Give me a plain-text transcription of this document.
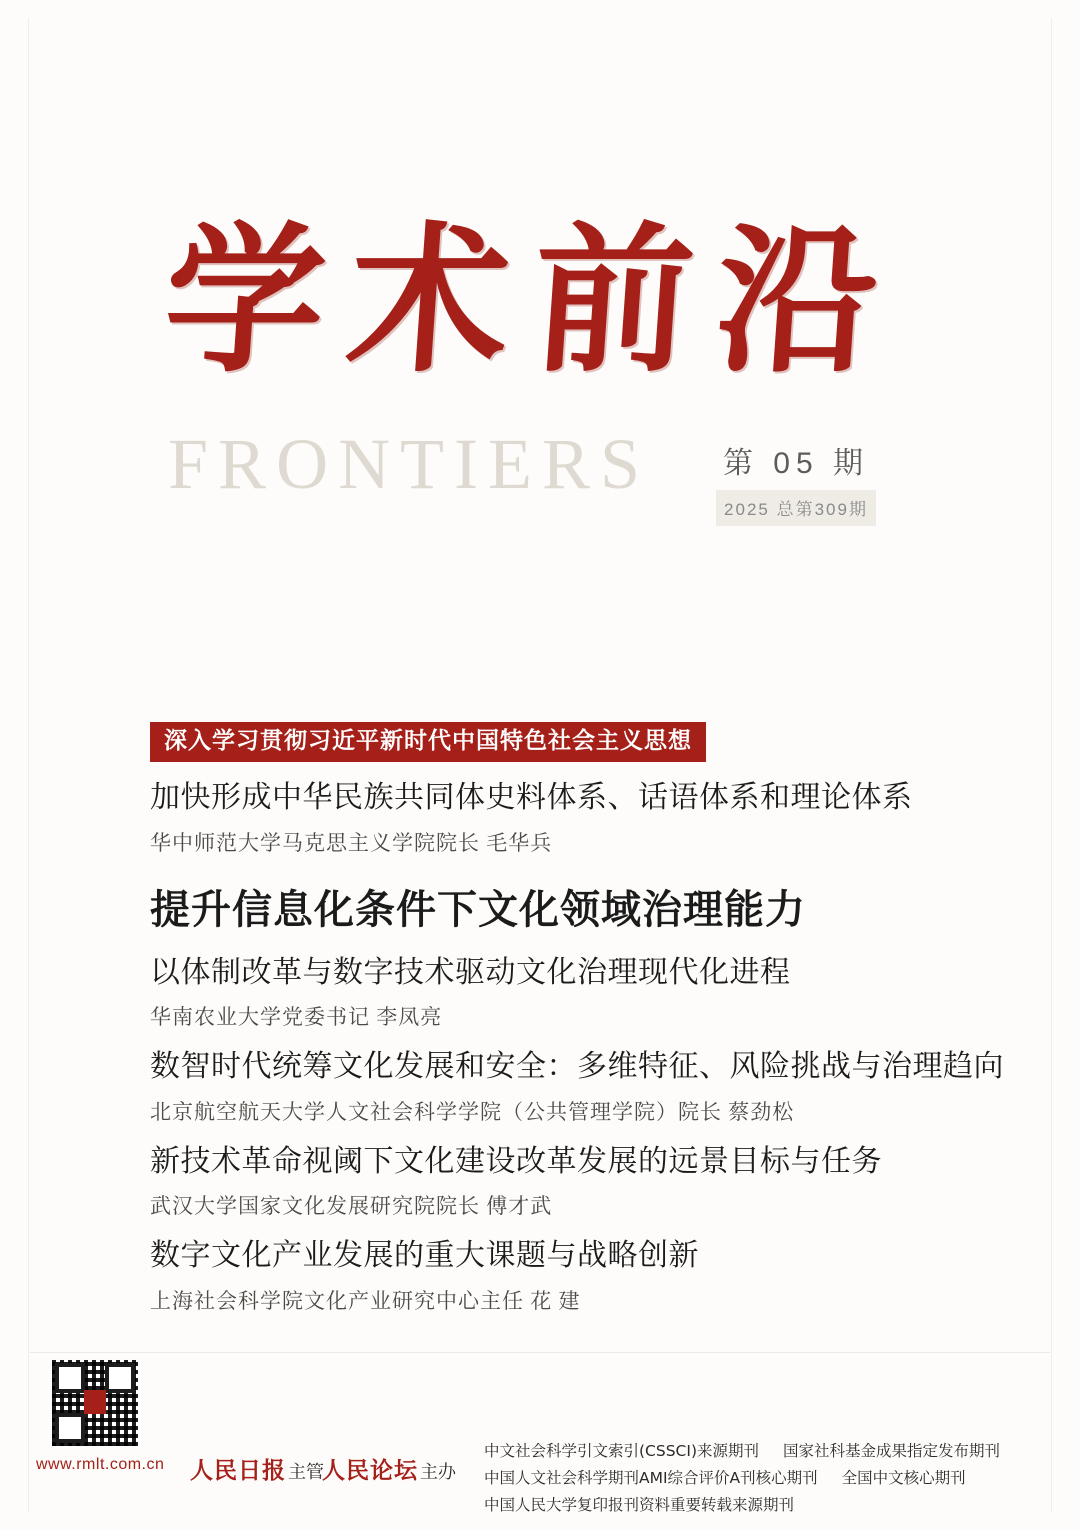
学术前沿
FRONTIERS 第 05 期
2025 总第309期
深入学习贯彻习近平新时代中国特色社会主义思想
加快形成中华民族共同体史料体系、话语体系和理论体系
华中师范大学马克思主义学院院长 毛华兵
提升信息化条件下文化领域治理能力
以体制改革与数字技术驱动文化治理现代化进程
华南农业大学党委书记 李凤亮
数智时代统筹文化发展和安全：多维特征、风险挑战与治理趋向
北京航空航天大学人文社会科学学院（公共管理学院）院长 蔡劲松
新技术革命视阈下文化建设改革发展的远景目标与任务
武汉大学国家文化发展研究院院长 傅才武
数字文化产业发展的重大课题与战略创新
上海社会科学院文化产业研究中心主任 花 建
www.rmlt.com.cn 人民日报 主管
人民论坛 主办
中文社会科学引文索引(CSSCI)来源期刊 国家社科基金成果指定发布期刊
中国人文社会科学期刊AMI综合评价A刊核心期刊 全国中文核心期刊
中国人民大学复印报刊资料重要转载来源期刊
